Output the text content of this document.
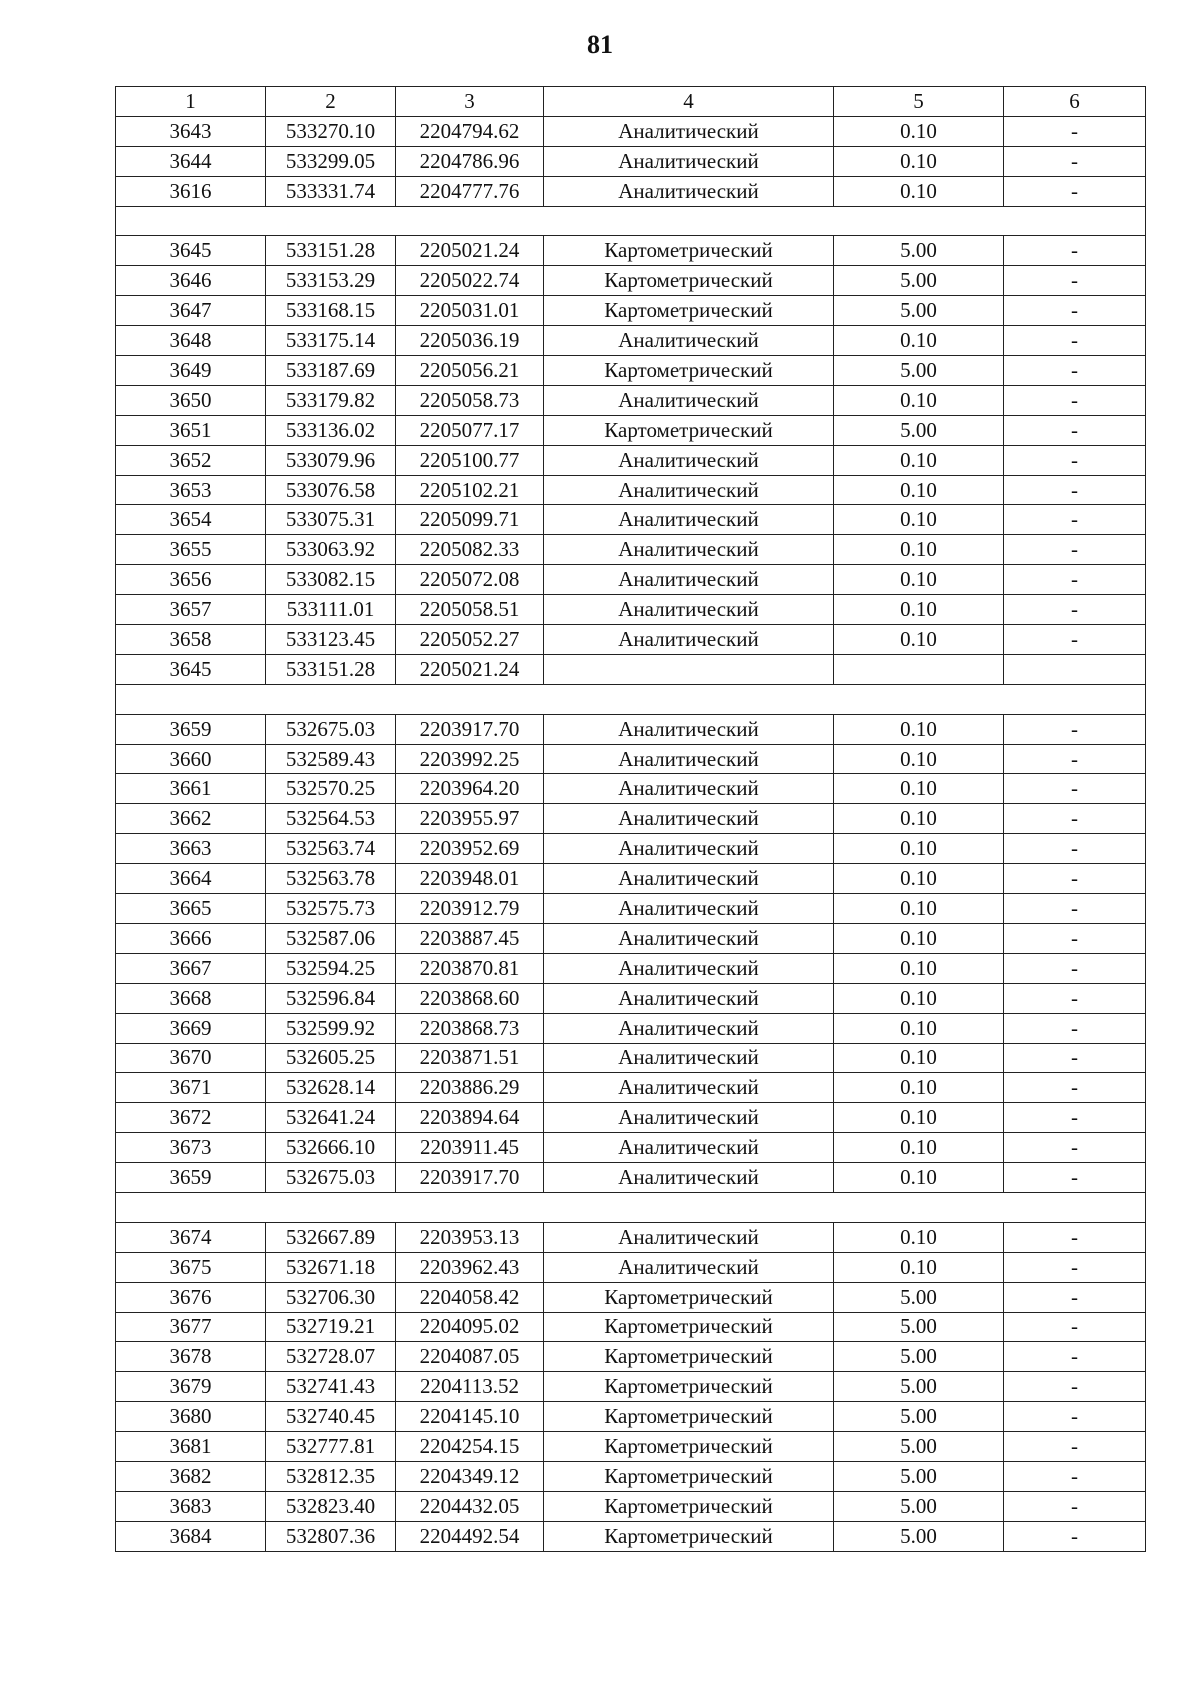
81
1	2	3	4	5	6
3643	533270.10	2204794.62	Аналитический	0.10	-
3644	533299.05	2204786.96	Аналитический	0.10	-
3616	533331.74	2204777.76	Аналитический	0.10	-

3645	533151.28	2205021.24	Картометрический	5.00	-
3646	533153.29	2205022.74	Картометрический	5.00	-
3647	533168.15	2205031.01	Картометрический	5.00	-
3648	533175.14	2205036.19	Аналитический	0.10	-
3649	533187.69	2205056.21	Картометрический	5.00	-
3650	533179.82	2205058.73	Аналитический	0.10	-
3651	533136.02	2205077.17	Картометрический	5.00	-
3652	533079.96	2205100.77	Аналитический	0.10	-
3653	533076.58	2205102.21	Аналитический	0.10	-
3654	533075.31	2205099.71	Аналитический	0.10	-
3655	533063.92	2205082.33	Аналитический	0.10	-
3656	533082.15	2205072.08	Аналитический	0.10	-
3657	533111.01	2205058.51	Аналитический	0.10	-
3658	533123.45	2205052.27	Аналитический	0.10	-
3645	533151.28	2205021.24			

3659	532675.03	2203917.70	Аналитический	0.10	-
3660	532589.43	2203992.25	Аналитический	0.10	-
3661	532570.25	2203964.20	Аналитический	0.10	-
3662	532564.53	2203955.97	Аналитический	0.10	-
3663	532563.74	2203952.69	Аналитический	0.10	-
3664	532563.78	2203948.01	Аналитический	0.10	-
3665	532575.73	2203912.79	Аналитический	0.10	-
3666	532587.06	2203887.45	Аналитический	0.10	-
3667	532594.25	2203870.81	Аналитический	0.10	-
3668	532596.84	2203868.60	Аналитический	0.10	-
3669	532599.92	2203868.73	Аналитический	0.10	-
3670	532605.25	2203871.51	Аналитический	0.10	-
3671	532628.14	2203886.29	Аналитический	0.10	-
3672	532641.24	2203894.64	Аналитический	0.10	-
3673	532666.10	2203911.45	Аналитический	0.10	-
3659	532675.03	2203917.70	Аналитический	0.10	-

3674	532667.89	2203953.13	Аналитический	0.10	-
3675	532671.18	2203962.43	Аналитический	0.10	-
3676	532706.30	2204058.42	Картометрический	5.00	-
3677	532719.21	2204095.02	Картометрический	5.00	-
3678	532728.07	2204087.05	Картометрический	5.00	-
3679	532741.43	2204113.52	Картометрический	5.00	-
3680	532740.45	2204145.10	Картометрический	5.00	-
3681	532777.81	2204254.15	Картометрический	5.00	-
3682	532812.35	2204349.12	Картометрический	5.00	-
3683	532823.40	2204432.05	Картометрический	5.00	-
3684	532807.36	2204492.54	Картометрический	5.00	-
